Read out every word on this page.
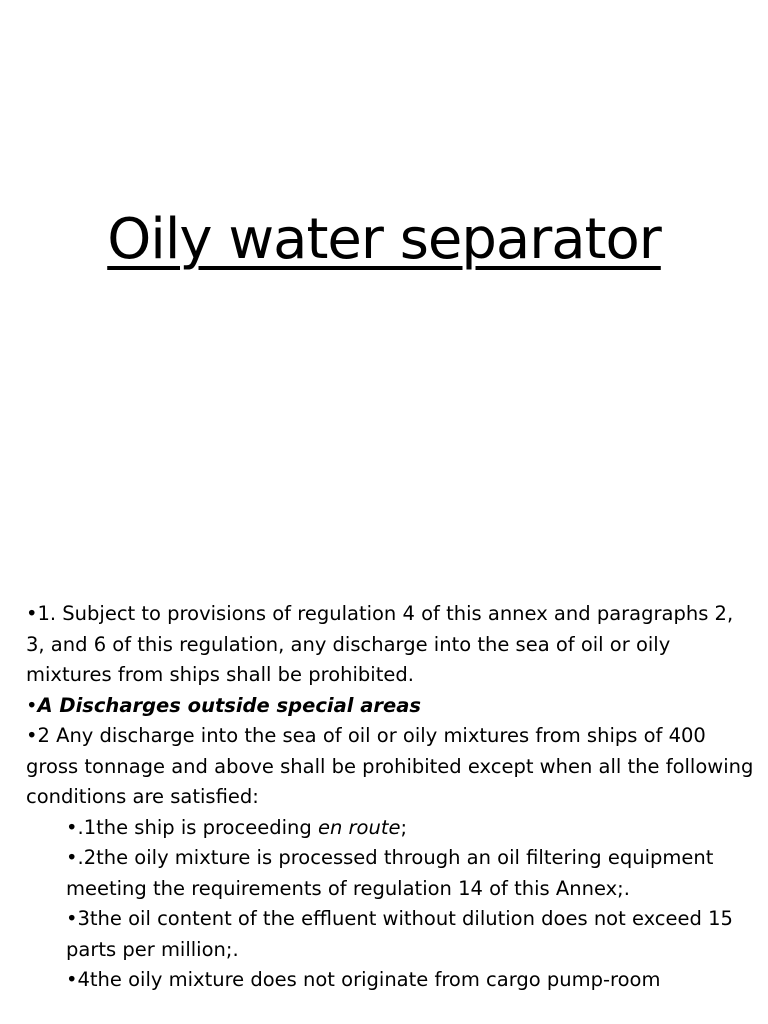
Oily water separator

•1. Subject to provisions of regulation 4 of this annex and paragraphs 2, 3, and 6 of this regulation, any discharge into the sea of oil or oily mixtures from ships shall be prohibited.

•A Discharges outside special areas

•2 Any discharge into the sea of oil or oily mixtures from ships of 400 gross tonnage and above shall be prohibited except when all the following conditions are satisfied:

•.1the ship is proceeding en route;

•.2the oily mixture is processed through an oil filtering equipment meeting the requirements of regulation 14 of this Annex;.

•3the oil content of the effluent without dilution does not exceed 15 parts per million;.

•4the oily mixture does not originate from cargo pump-room
